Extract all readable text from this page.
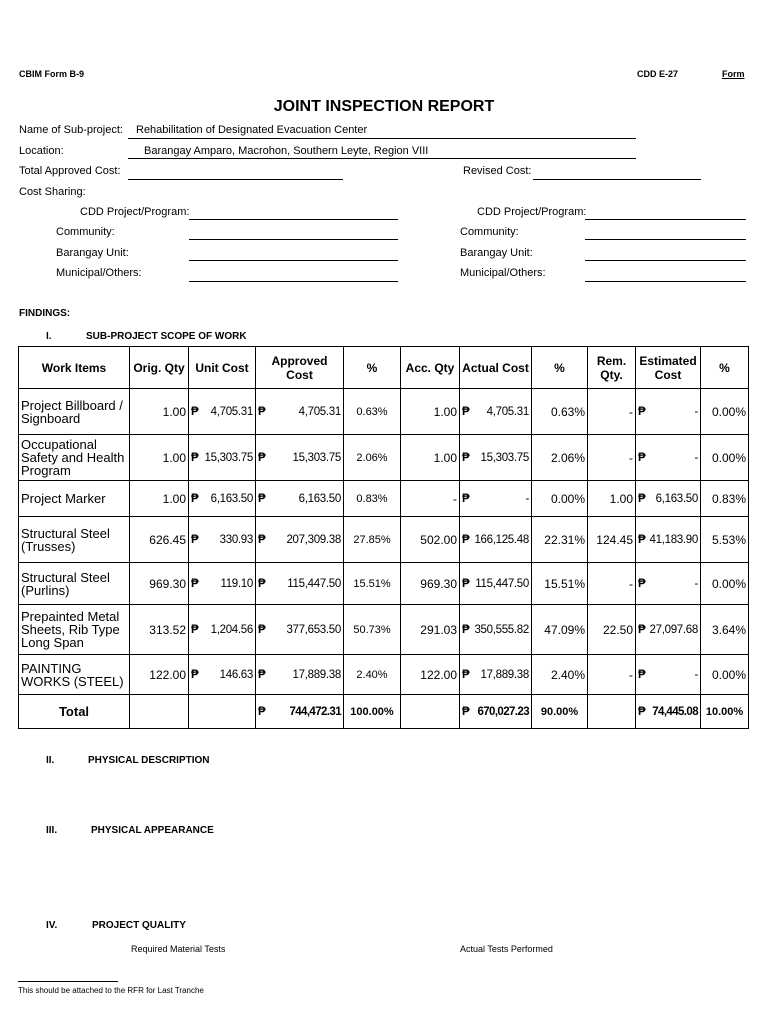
CBIM Form B-9	CDD E-27	Form
JOINT INSPECTION REPORT
Name of Sub-project: Rehabilitation of Designated Evacuation Center
Location:	Barangay Amparo, Macrohon, Southern Leyte, Region VIII
Total Approved Cost:	Revised Cost:
Cost Sharing:
CDD Project/Program:
Community:
Barangay Unit:
Municipal/Others:
CDD Project/Program:
Community:
Barangay Unit:
Municipal/Others:
FINDINGS:
I.	SUB-PROJECT SCOPE OF WORK
Work Items	Orig. Qty	Unit Cost	Approved Cost	%	Acc. Qty	Actual Cost	%	Rem. Qty.	Estimated Cost	%
Project Billboard / Signboard	1.00	₱ 4,705.31	₱ 4,705.31	0.63%	1.00	₱ 4,705.31	0.63%	-	₱ -	0.00%
Occupational Safety and Health Program	1.00	₱ 15,303.75	₱ 15,303.75	2.06%	1.00	₱ 15,303.75	2.06%	-	₱ -	0.00%
Project Marker	1.00	₱ 6,163.50	₱ 6,163.50	0.83%	-	₱ -	0.00%	1.00	₱ 6,163.50	0.83%
Structural Steel (Trusses)	626.45	₱ 330.93	₱ 207,309.38	27.85%	502.00	₱ 166,125.48	22.31%	124.45	₱ 41,183.90	5.53%
Structural Steel (Purlins)	969.30	₱ 119.10	₱ 115,447.50	15.51%	969.30	₱ 115,447.50	15.51%	-	₱ -	0.00%
Prepainted Metal Sheets, Rib Type Long Span	313.52	₱ 1,204.56	₱ 377,653.50	50.73%	291.03	₱ 350,555.82	47.09%	22.50	₱ 27,097.68	3.64%
PAINTING WORKS (STEEL)	122.00	₱ 146.63	₱ 17,889.38	2.40%	122.00	₱ 17,889.38	2.40%	-	₱ -	0.00%
Total			₱ 744,472.31	100.00%		₱ 670,027.23	90.00%		₱ 74,445.08	10.00%
II.	PHYSICAL DESCRIPTION
III.	PHYSICAL APPEARANCE
IV.	PROJECT QUALITY
Required Material Tests	Actual Tests Performed
This should be attached to the RFR for Last Tranche
